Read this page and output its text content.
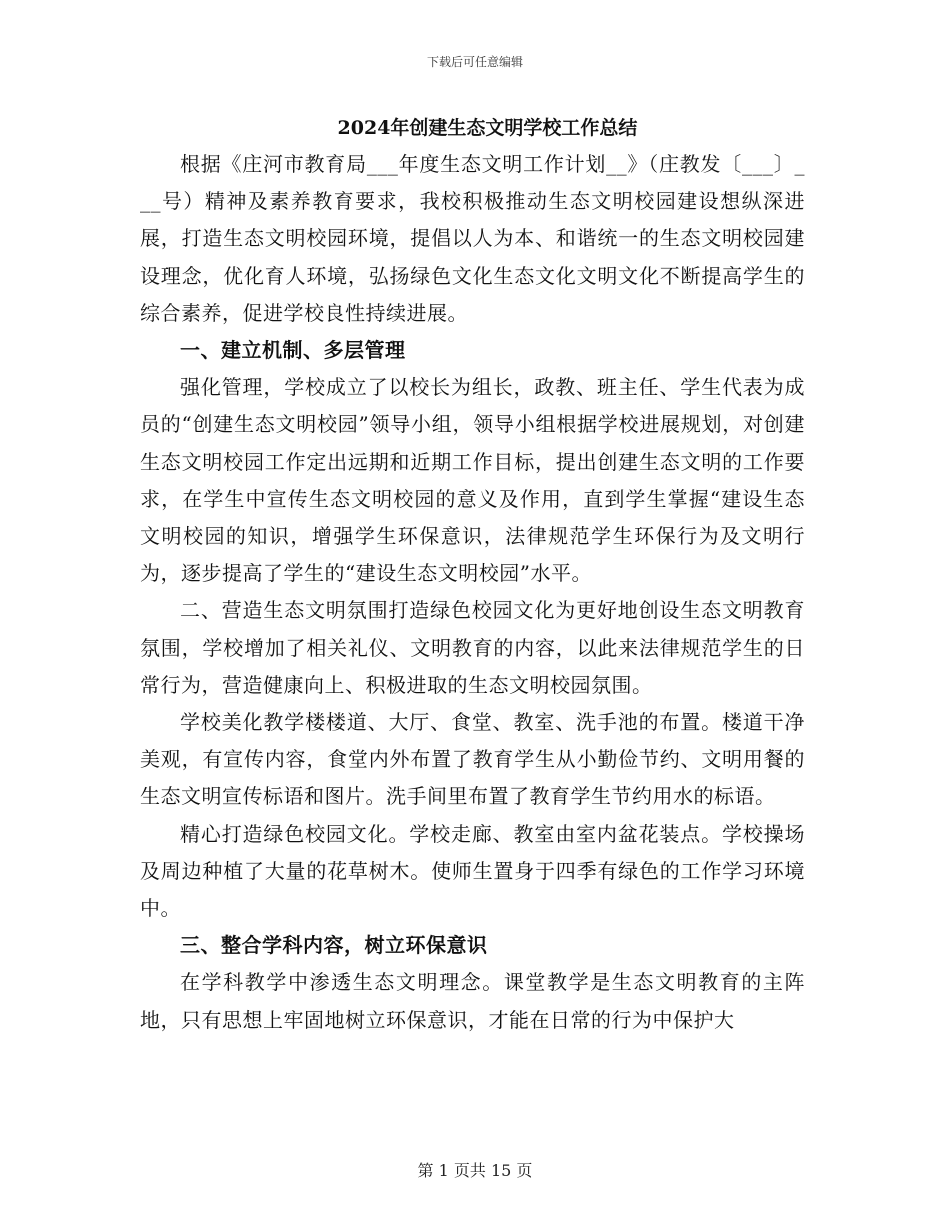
下载后可任意编辑
2024年创建生态文明学校工作总结

根据《庄河市教育局___年度生态文明工作计划__》（庄教发〔___〕___号）精神及素养教育要求，我校积极推动生态文明校园建设想纵深进展，打造生态文明校园环境，提倡以人为本、和谐统一的生态文明校园建设理念，优化育人环境，弘扬绿色文化生态文化文明文化不断提高学生的综合素养，促进学校良性持续进展。

一、建立机制、多层管理

强化管理，学校成立了以校长为组长，政教、班主任、学生代表为成员的“创建生态文明校园”领导小组，领导小组根据学校进展规划，对创建生态文明校园工作定出远期和近期工作目标，提出创建生态文明的工作要求，在学生中宣传生态文明校园的意义及作用，直到学生掌握“建设生态文明校园的知识，增强学生环保意识，法律规范学生环保行为及文明行为，逐步提高了学生的“建设生态文明校园”水平。

二、营造生态文明氛围打造绿色校园文化为更好地创设生态文明教育氛围，学校增加了相关礼仪、文明教育的内容，以此来法律规范学生的日常行为，营造健康向上、积极进取的生态文明校园氛围。

学校美化教学楼楼道、大厅、食堂、教室、洗手池的布置。楼道干净美观，有宣传内容，食堂内外布置了教育学生从小勤俭节约、文明用餐的生态文明宣传标语和图片。洗手间里布置了教育学生节约用水的标语。

精心打造绿色校园文化。学校走廊、教室由室内盆花装点。学校操场及周边种植了大量的花草树木。使师生置身于四季有绿色的工作学习环境中。

三、整合学科内容，树立环保意识

在学科教学中渗透生态文明理念。课堂教学是生态文明教育的主阵地，只有思想上牢固地树立环保意识，才能在日常的行为中保护大

第 1 页共 15 页
